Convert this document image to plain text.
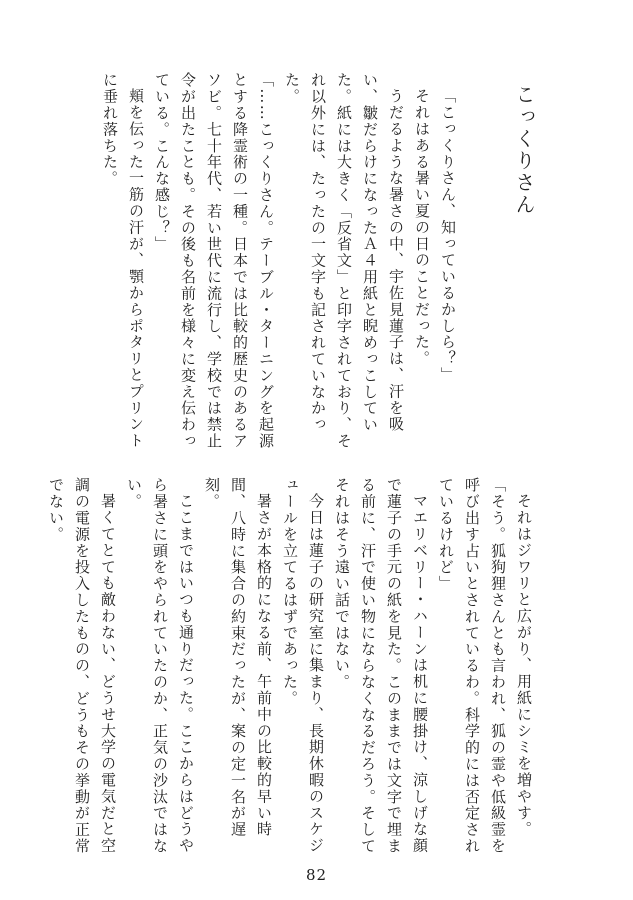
こっくりさん

「こっくりさん、知っているかしら？」

それはある暑い夏の日のことだった。

うだるような暑さの中、宇佐見蓮子は、汗を吸い、皺だらけになったＡ４用紙と睨めっこしていた。紙には大きく「反省文」と印字されており、それ以外には、たったの一文字も記されていなかった。

「……こっくりさん。テーブル・ターニングを起源とする降霊術の一種。日本では比較的歴史のあるアソビ。七十年代、若い世代に流行し、学校では禁止令が出たことも。その後も名前を様々に変え伝わっている。こんな感じ？」

頬を伝った一筋の汗が、顎からポタリとプリントに垂れ落ちた。

それはジワリと広がり、用紙にシミを増やす。

「そう。狐狗狸さんとも言われ、狐の霊や低級霊を呼び出す占いとされているわ。科学的には否定されているけれど」

マエリベリー・ハーンは机に腰掛け、涼しげな顔で蓮子の手元の紙を見た。このままでは文字で埋まる前に、汗で使い物にならなくなるだろう。そしてそれはそう遠い話ではない。

今日は蓮子の研究室に集まり、長期休暇のスケジュールを立てるはずであった。

暑さが本格的になる前、午前中の比較的早い時間、八時に集合の約束だったが、案の定一名が遅刻。

ここまではいつも通りだった。ここからはどうやら暑さに頭をやられていたのか、正気の沙汰ではない。

暑くてとても敵わない、どうせ大学の電気だと空調の電源を投入したものの、どうもその挙動が正常でない。

82
